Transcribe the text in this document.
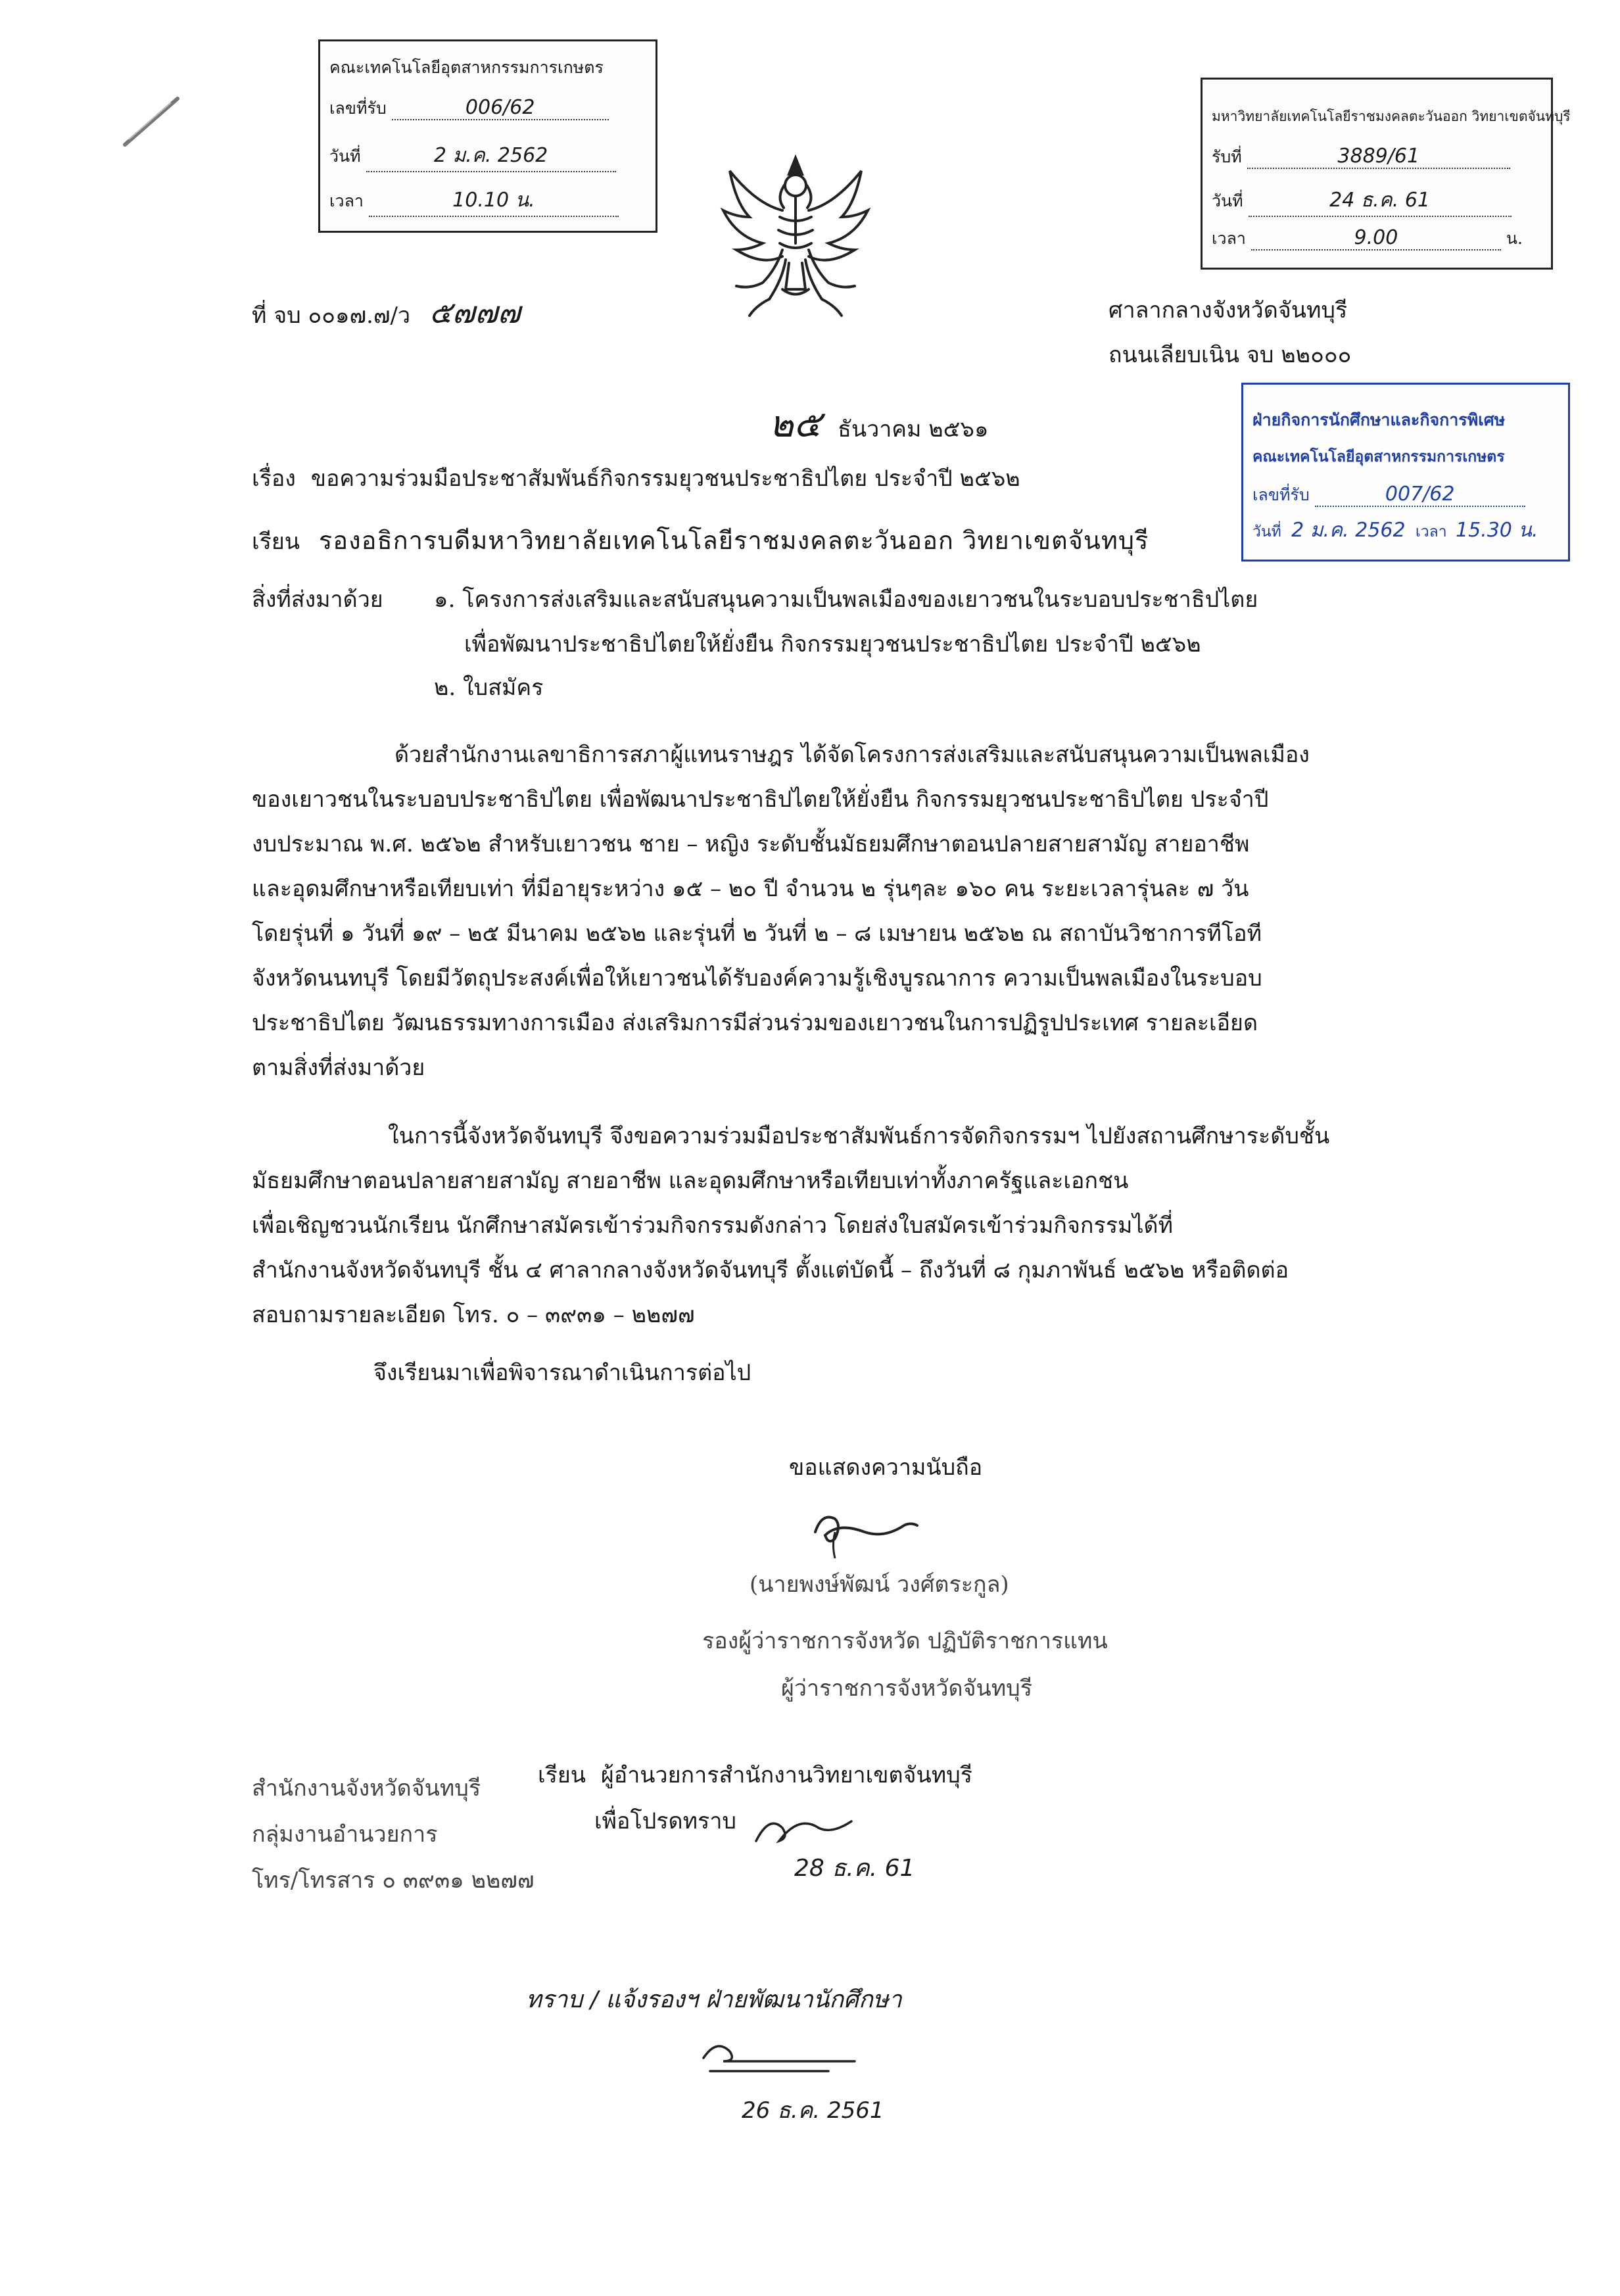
คณะเทคโนโลยีอุตสาหกรรมการเกษตร
เลขที่รับ	006/62
วันที่	2 ม.ค. 2562
เวลา	10.10 น.
มหาวิทยาลัยเทคโนโลยีราชมงคลตะวันออก วิทยาเขตจันทบุรี
รับที่	3889/61
วันที่	24 ธ.ค. 61
เวลา	9.00	น.
ที่ จบ ๐๐๑๗.๗/ว ๕๗๗๗	ศาลากลางจังหวัดจันทบุรี
ถนนเลียบเนิน จบ ๒๒๐๐๐
๒๕ ธันวาคม ๒๕๖๑	ฝ่ายกิจการนักศึกษาและกิจการพิเศษ
คณะเทคโนโลยีอุตสาหกรรมการเกษตร
เลขที่รับ	007/62
วันที่ 2 ม.ค. 2562 เวลา 15.30 น.
เรื่อง ขอความร่วมมือประชาสัมพันธ์กิจกรรมยุวชนประชาธิปไตย ประจำปี ๒๕๖๒
เรียน รองอธิการบดีมหาวิทยาลัยเทคโนโลยีราชมงคลตะวันออก วิทยาเขตจันทบุรี
สิ่งที่ส่งมาด้วย ๑. โครงการส่งเสริมและสนับสนุนความเป็นพลเมืองของเยาวชนในระบอบประชาธิปไตย
เพื่อพัฒนาประชาธิปไตยให้ยั่งยืน กิจกรรมยุวชนประชาธิปไตย ประจำปี ๒๕๖๒
๒. ใบสมัคร
ด้วยสำนักงานเลขาธิการสภาผู้แทนราษฎร ได้จัดโครงการส่งเสริมและสนับสนุนความเป็นพลเมือง
ของเยาวชนในระบอบประชาธิปไตย เพื่อพัฒนาประชาธิปไตยให้ยั่งยืน กิจกรรมยุวชนประชาธิปไตย ประจำปี
งบประมาณ พ.ศ. ๒๕๖๒ สำหรับเยาวชน ชาย – หญิง ระดับชั้นมัธยมศึกษาตอนปลายสายสามัญ สายอาชีพ
และอุดมศึกษาหรือเทียบเท่า ที่มีอายุระหว่าง ๑๕ – ๒๐ ปี จำนวน ๒ รุ่นๆละ ๑๖๐ คน ระยะเวลารุ่นละ ๗ วัน
โดยรุ่นที่ ๑ วันที่ ๑๙ – ๒๕ มีนาคม ๒๕๖๒ และรุ่นที่ ๒ วันที่ ๒ – ๘ เมษายน ๒๕๖๒ ณ สถาบันวิชาการทีโอที
จังหวัดนนทบุรี โดยมีวัตถุประสงค์เพื่อให้เยาวชนได้รับองค์ความรู้เชิงบูรณาการ ความเป็นพลเมืองในระบอบ
ประชาธิปไตย วัฒนธรรมทางการเมือง ส่งเสริมการมีส่วนร่วมของเยาวชนในการปฏิรูปประเทศ รายละเอียด
ตามสิ่งที่ส่งมาด้วย
ในการนี้จังหวัดจันทบุรี จึงขอความร่วมมือประชาสัมพันธ์การจัดกิจกรรมฯ ไปยังสถานศึกษาระดับชั้น
มัธยมศึกษาตอนปลายสายสามัญ สายอาชีพ และอุดมศึกษาหรือเทียบเท่าทั้งภาครัฐและเอกชน
เพื่อเชิญชวนนักเรียน นักศึกษาสมัครเข้าร่วมกิจกรรมดังกล่าว โดยส่งใบสมัครเข้าร่วมกิจกรรมได้ที่
สำนักงานจังหวัดจันทบุรี ชั้น ๔ ศาลากลางจังหวัดจันทบุรี ตั้งแต่บัดนี้ – ถึงวันที่ ๘ กุมภาพันธ์ ๒๕๖๒ หรือติดต่อ
สอบถามรายละเอียด โทร. ๐ – ๓๙๓๑ – ๒๒๗๗
จึงเรียนมาเพื่อพิจารณาดำเนินการต่อไป
ขอแสดงความนับถือ
(นายพงษ์พัฒน์ วงศ์ตระกูล)
รองผู้ว่าราชการจังหวัด ปฏิบัติราชการแทน
ผู้ว่าราชการจังหวัดจันทบุรี
สำนักงานจังหวัดจันทบุรี
กลุ่มงานอำนวยการ
โทร/โทรสาร ๐ ๓๙๓๑ ๒๒๗๗
เรียน ผู้อำนวยการสำนักงานวิทยาเขตจันทบุรี
เพื่อโปรดทราบ
28 ธ.ค. 61
ทราบ / แจ้งรองฯ ฝ่ายพัฒนานักศึกษา
26 ธ.ค. 2561
